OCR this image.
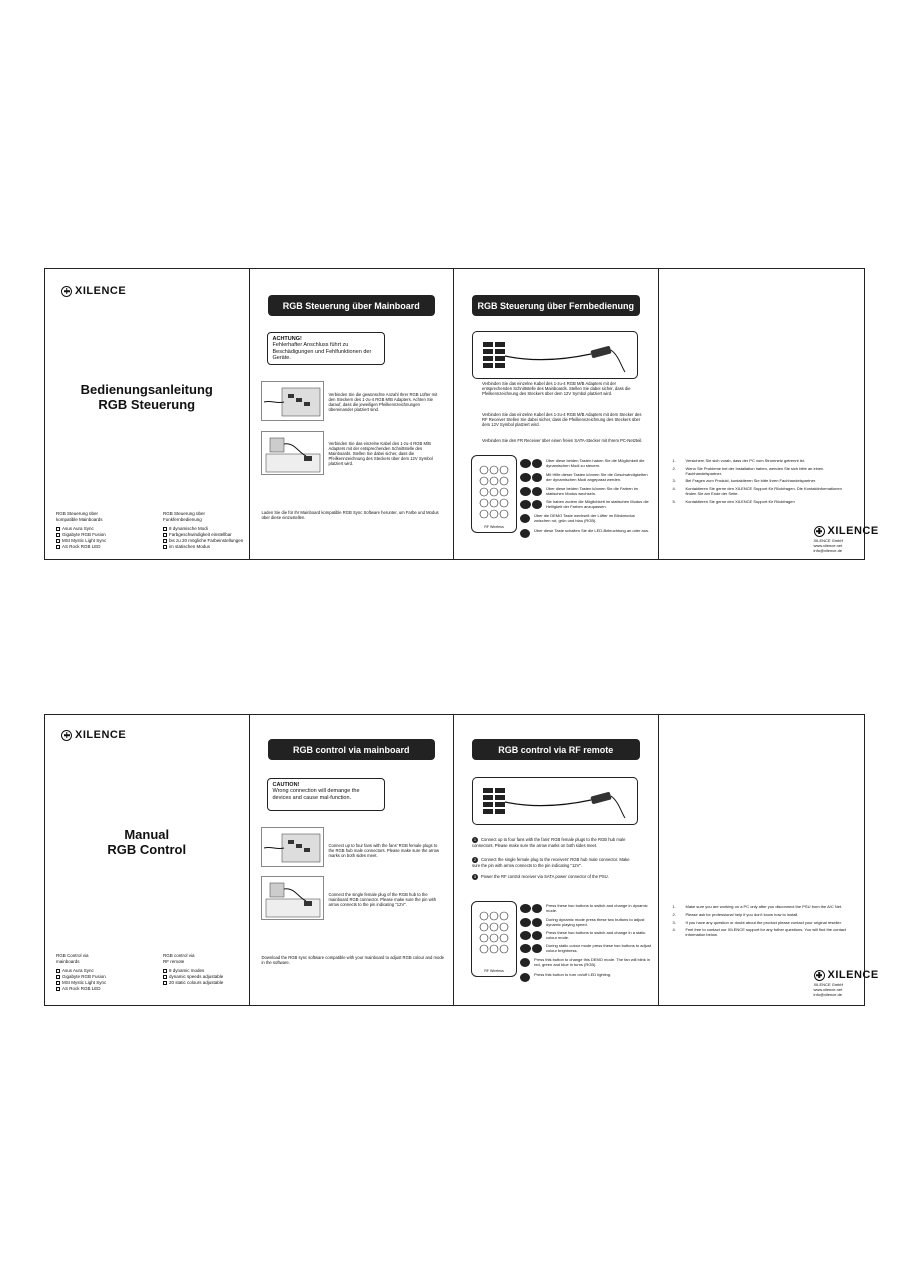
XILENCE
Bedienungsanleitung
RGB Steuerung
RGB Steuerung über
kompatible Mainboards
Asus Aura Sync
Gigabyte RGB Fusion
MSI Mystic Light Sync
AS Rock RGB LED
RGB Steuerung über
Funkfernbedienung
8 dynamische Modi
Farbgeschwindigkeit einstellbar
bis zu 20 mögliche Farbeinstellungen
im statischen Modus
RGB Steuerung über Mainboard
ACHTUNG!
Fehlerhafter Anschluss führt zu Beschädigungen und Fehlfunktionen der Geräte.
Verbinden Sie die gewünschte Anzahl Ihrer RGB Lüfter mit den Steckern des 1-zu-4 RGB M/B Adapters. Achten Sie darauf, dass die jeweiligen Pfeilkennzeichnungen übereinander platziert sind.
Verbinden Sie das einzelne Kabel des 1-zu-4 RGB M/B Adapters mit der entsprechenden Schnittstelle des Mainboards. Stellen Sie dabei sicher, dass die Pfeilkennzeichnung des Steckers über dem 12V Symbol platziert wird.
Laden Sie die für Ihr Mainboard kompatible RGB Sync Software herunter, um Farbe und Modus über diese einzustellen.
RGB Steuerung über Fernbedienung
Verbinden Sie das einzelne Kabel des 1-zu-4 RGB M/B Adapters mit der entsprechenden Schnittstelle des Mainboards. Stellen Sie dabei sicher, dass die Pfeilkennzeichnung des Steckers über dem 12V Symbol platziert wird.
Verbinden Sie das einzelne Kabel des 1-zu-4 RGB M/B Adapters mit dem Stecker des RF Receiver Stellen Sie dabei sicher, dass die Pfeilkennzeichnung des Steckers über dem 12V Symbol platziert wird.
Verbinden Sie den FR Receiver über einen freien SATA-Stecker mit Ihrem PC-Netzteil.
RF Wireless
Über diese beiden Tasten haben Sie die Möglichkeit die dynamischen Modi zu steuern.
Mit Hilfe dieser Tasten können Sie die Geschwindigkeiten der dynamischen Modi angepasst werden.
Über diese beiden Tasten können Sie die Farben im statischen Modus wechseln.
Sie haben zudem die Möglichkeit im statischen Modus die Helligkeit der Farben anzupassen.
Über die DEMO Taste wechselt der Lüfter im Blinkmodus zwischen rot, grün und blau (RGB).
Über diese Taste schalten Sie die LED-Beleuchtung an oder aus.
1.	Versichern Sie sich vorab, dass der PC vom Stromnetz getrennt ist.
2.	Wenn Sie Probleme bei der Installation haben, wenden Sie sich bitte an einen Fachhandelspartner.
3.	Bei Fragen zum Produkt, kontaktieren Sie bitte Ihren Fachhandelspartner.
4.	Kontaktieren Sie gerne den XILENCE Support für Rückfragen. Die Kontaktinformationen finden Sie am Ende der Seite.
5.	Kontaktieren Sie gerne den XILENCE Support für Rückfragen
XILENCE
XILENCE GmbH
www.xilence.net
info@xilence.de
XILENCE
Manual
RGB Control
RGB Control via
mainboards
Asus Aura Sync
Gigabyte RGB Fusion
MSI Mystic Light Sync
AS Rock RGB LED
RGB control via
RF remote
8 dynamic modes
dynamic speeds adjustable
20 static colours adjustable
RGB control via mainboard
CAUTION!
Wrong connection will demange the devices and cause mal-function.
Connect up to four fans with the fans' RGB female plugs to the RGB hub male connectors. Please make sure the arrow marks on both sides meet.
Connect the single female plug of the RGB hub to the mainboard RGB connector. Please make sure the pin with arrow connects to the pin indicating "12V".
Download the RGB sync software compatible with your mainboard to adjust RGB colour and mode in the software.
RGB control via RF remote
1 Connect up to four fans with the fans' RGB female plugs to the RGB hub male connectors. Please make sure the arrow marks on both sides meet.
2 Connect the single female plug to the receivers' RGB hub male connector. Make sure the pin with arrow connects to the pin indicating "12V".
3 Power the RF control receiver via SATA power connector of the PSU.
RF Wireless
Press these two buttons to switch and change in dynamic mode.
During dynamic mode press these two buttons to adjust dynamic playing speed.
Press these two buttons to switch and change in a static colour mode.
During static colour mode press these two buttons to adjust colour brightness.
Press this button to change this DEMO mode. The fan will blink in red, green and blue in turns (RGB).
Press this button to turn on/off LED lighting.
1.	Make sure you are working on a PC only after you disconnect the PSU from the A/C Net.
2.	Please ask for professional help if you don't know how to install.
3.	If you have any question or doubt about the product please contact your original reseller.
4.	Feel free to contact our XILENCE support for any futher questions. You will find the contact information below.
XILENCE
XILENCE GmbH
www.xilence.net
info@xilence.de
